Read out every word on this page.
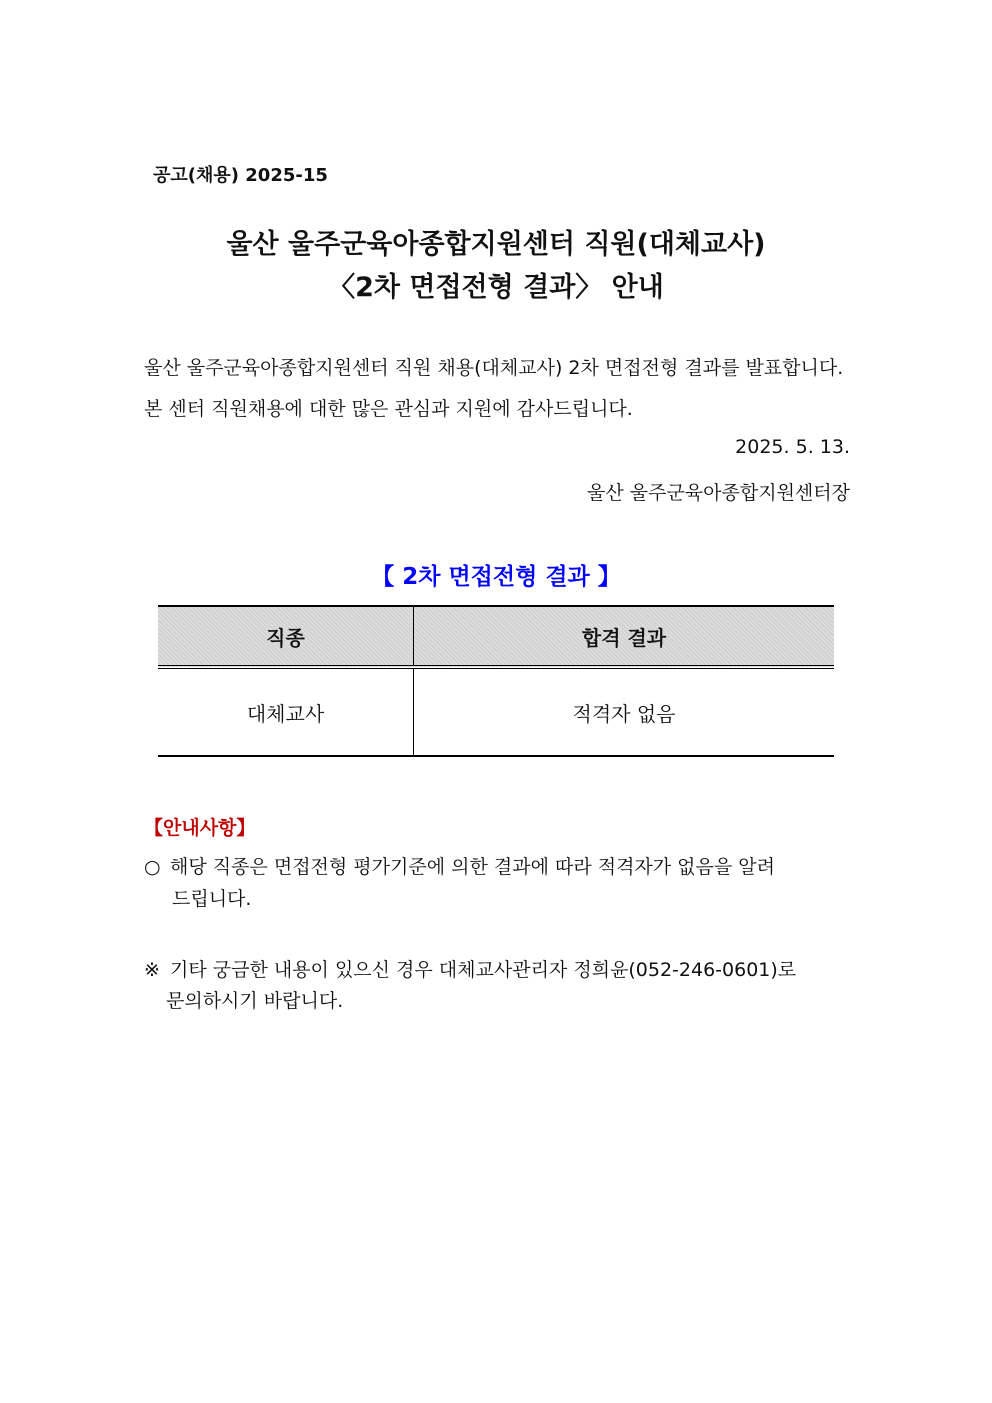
공고(채용) 2025-15
울산 울주군육아종합지원센터 직원(대체교사)
〈2차 면접전형 결과〉 안내
울산 울주군육아종합지원센터 직원 채용(대체교사) 2차 면접전형 결과를 발표합니다.
본 센터 직원채용에 대한 많은 관심과 지원에 감사드립니다.
2025. 5. 13.
울산 울주군육아종합지원센터장
【 2차 면접전형 결과 】
직종	합격 결과
대체교사	적격자 없음
【안내사항】
○ 해당 직종은 면접전형 평가기준에 의한 결과에 따라 적격자가 없음을 알려
드립니다.
※ 기타 궁금한 내용이 있으신 경우 대체교사관리자 정희윤(052-246-0601)로
문의하시기 바랍니다.
